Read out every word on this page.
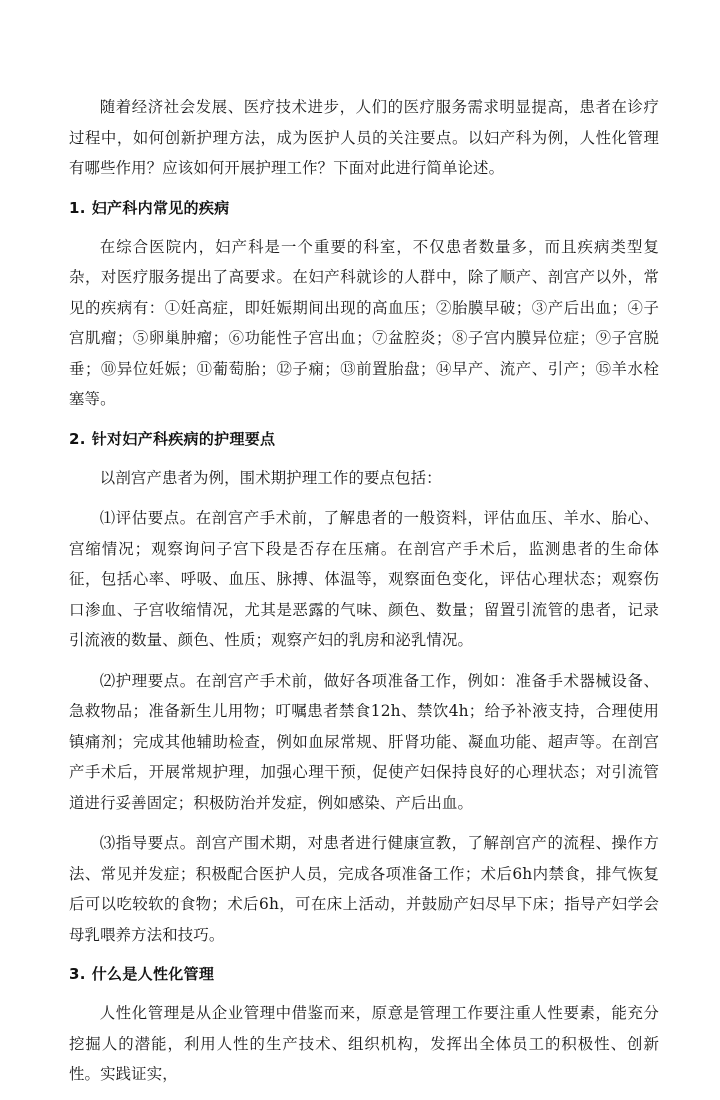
随着经济社会发展、医疗技术进步，人们的医疗服务需求明显提高，患者在诊疗过程中，如何创新护理方法，成为医护人员的关注要点。以妇产科为例，人性化管理有哪些作用？应该如何开展护理工作？下面对此进行简单论述。

1. 妇产科内常见的疾病

在综合医院内，妇产科是一个重要的科室，不仅患者数量多，而且疾病类型复杂，对医疗服务提出了高要求。在妇产科就诊的人群中，除了顺产、剖宫产以外，常见的疾病有：①妊高症，即妊娠期间出现的高血压；②胎膜早破；③产后出血；④子宫肌瘤；⑤卵巢肿瘤；⑥功能性子宫出血；⑦盆腔炎；⑧子宫内膜异位症；⑨子宫脱垂；⑩异位妊娠；⑪葡萄胎；⑫子痫；⑬前置胎盘；⑭早产、流产、引产；⑮羊水栓塞等。

2. 针对妇产科疾病的护理要点

以剖宫产患者为例，围术期护理工作的要点包括：

⑴评估要点。在剖宫产手术前，了解患者的一般资料，评估血压、羊水、胎心、宫缩情况；观察询问子宫下段是否存在压痛。在剖宫产手术后，监测患者的生命体征，包括心率、呼吸、血压、脉搏、体温等，观察面色变化，评估心理状态；观察伤口渗血、子宫收缩情况，尤其是恶露的气味、颜色、数量；留置引流管的患者，记录引流液的数量、颜色、性质；观察产妇的乳房和泌乳情况。

⑵护理要点。在剖宫产手术前，做好各项准备工作，例如：准备手术器械设备、急救物品；准备新生儿用物；叮嘱患者禁食12h、禁饮4h；给予补液支持，合理使用镇痛剂；完成其他辅助检查，例如血尿常规、肝肾功能、凝血功能、超声等。在剖宫产手术后，开展常规护理，加强心理干预，促使产妇保持良好的心理状态；对引流管道进行妥善固定；积极防治并发症，例如感染、产后出血。

⑶指导要点。剖宫产围术期，对患者进行健康宣教，了解剖宫产的流程、操作方法、常见并发症；积极配合医护人员，完成各项准备工作；术后6h内禁食，排气恢复后可以吃较软的食物；术后6h，可在床上活动，并鼓励产妇尽早下床；指导产妇学会母乳喂养方法和技巧。

3. 什么是人性化管理

人性化管理是从企业管理中借鉴而来，原意是管理工作要注重人性要素，能充分挖掘人的潜能，利用人性的生产技术、组织机构，发挥出全体员工的积极性、创新性。实践证实，
